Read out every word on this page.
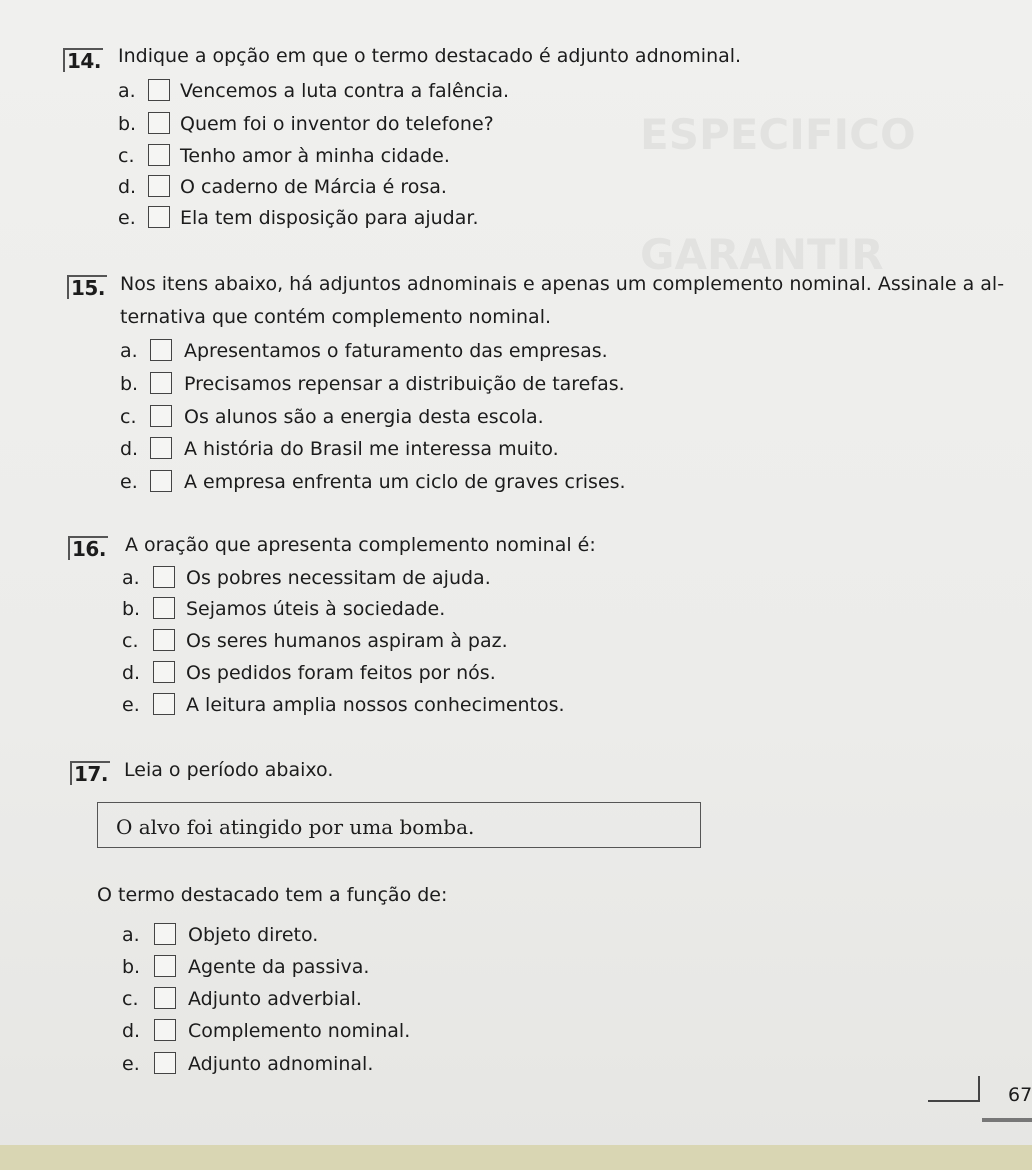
ESPECIFICO
GARANTIR
14. Indique a opção em que o termo destacado é adjunto adnominal.
a. Vencemos a luta contra a falência.
b. Quem foi o inventor do telefone?
c. Tenho amor à minha cidade.
d. O caderno de Márcia é rosa.
e. Ela tem disposição para ajudar.
15. Nos itens abaixo, há adjuntos adnominais e apenas um complemento nominal. Assinale a al-
ternativa que contém complemento nominal.
a. Apresentamos o faturamento das empresas.
b. Precisamos repensar a distribuição de tarefas.
c.	Os alunos são a energia desta escola.
d. A história do Brasil me interessa muito.
e. A empresa enfrenta um ciclo de graves crises.
16. A oração que apresenta complemento nominal é:
a. Os pobres necessitam de ajuda.
b. Sejamos úteis à sociedade.
c.	Os seres humanos aspiram à paz.
d. Os pedidos foram feitos por nós.
e. A leitura amplia nossos conhecimentos.
17. Leia o período abaixo.
O alvo foi atingido por uma bomba.
O termo destacado tem a função de:
a.	Objeto direto.
b.	Agente da passiva.
c.	Adjunto adverbial.
d.	Complemento nominal.
e.	Adjunto adnominal.
67
